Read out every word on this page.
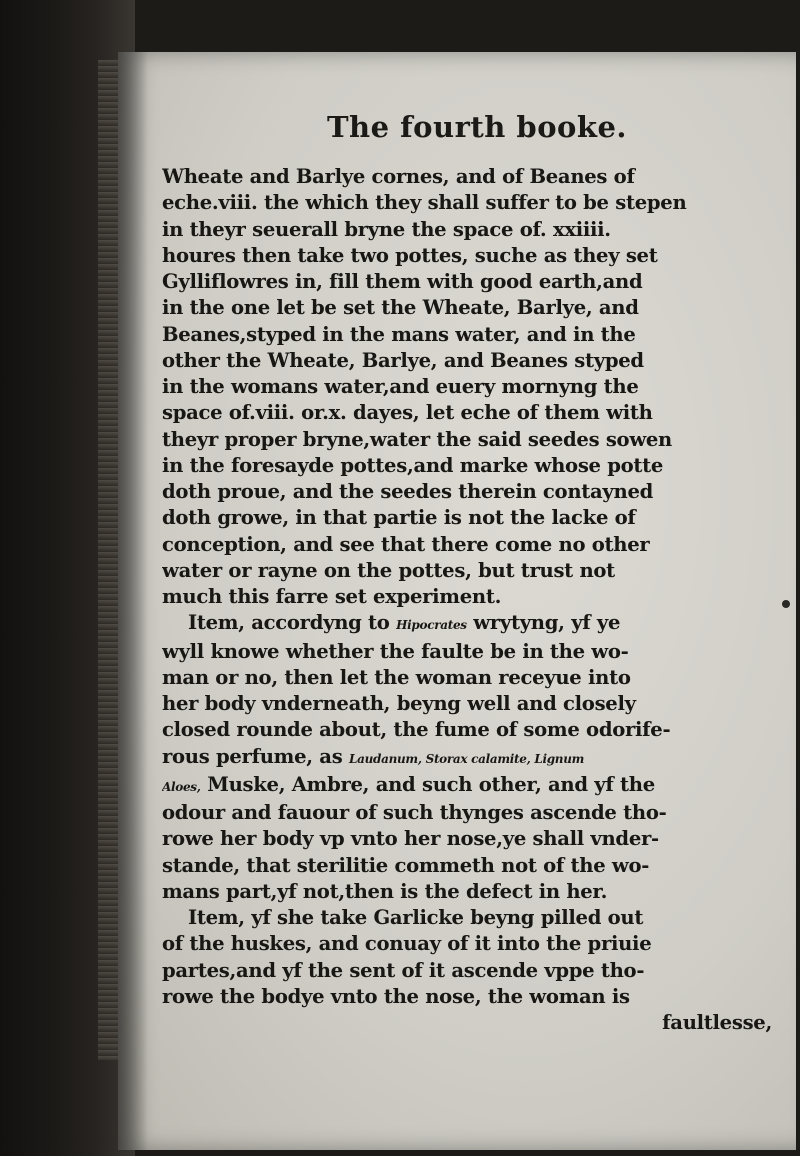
The fourth booke.
Wheate and Barlye cornes, and of Beanes of
eche.viii. the which they shall suffer to be stepen
in theyr seuerall bryne the space of. xxiiii.
houres then take two pottes, suche as they set
Gylliflowres in, fill them with good earth,and
in the one let be set the Wheate, Barlye, and
Beanes,styped in the mans water, and in the
other the Wheate, Barlye, and Beanes styped
in the womans water,and euery mornyng the
space of.viii. or.x. dayes, let eche of them with
theyr proper bryne,water the said seedes sowen
in the foresayde pottes,and marke whose potte
doth proue, and the seedes therein contayned
doth growe, in that partie is not the lacke of
conception, and see that there come no other
water or rayne on the pottes, but trust not
much this farre set experiment.
Item, accordyng to Hipocrates wrytyng, yf ye
wyll knowe whether the faulte be in the wo-
man or no, then let the woman receyue into
her body vnderneath, beyng well and closely
closed rounde about, the fume of some odorife-
rous perfume, as Laudanum, Storax calamite, Lignum
Aloes, Muske, Ambre, and such other, and yf the
odour and fauour of such thynges ascende tho-
rowe her body vp vnto her nose,ye shall vnder-
stande, that sterilitie commeth not of the wo-
mans part,yf not,then is the defect in her.
Item, yf she take Garlicke beyng pilled out
of the huskes, and conuay of it into the priuie
partes,and yf the sent of it ascende vppe tho-
rowe the bodye vnto the nose, the woman is
faultlesse,
